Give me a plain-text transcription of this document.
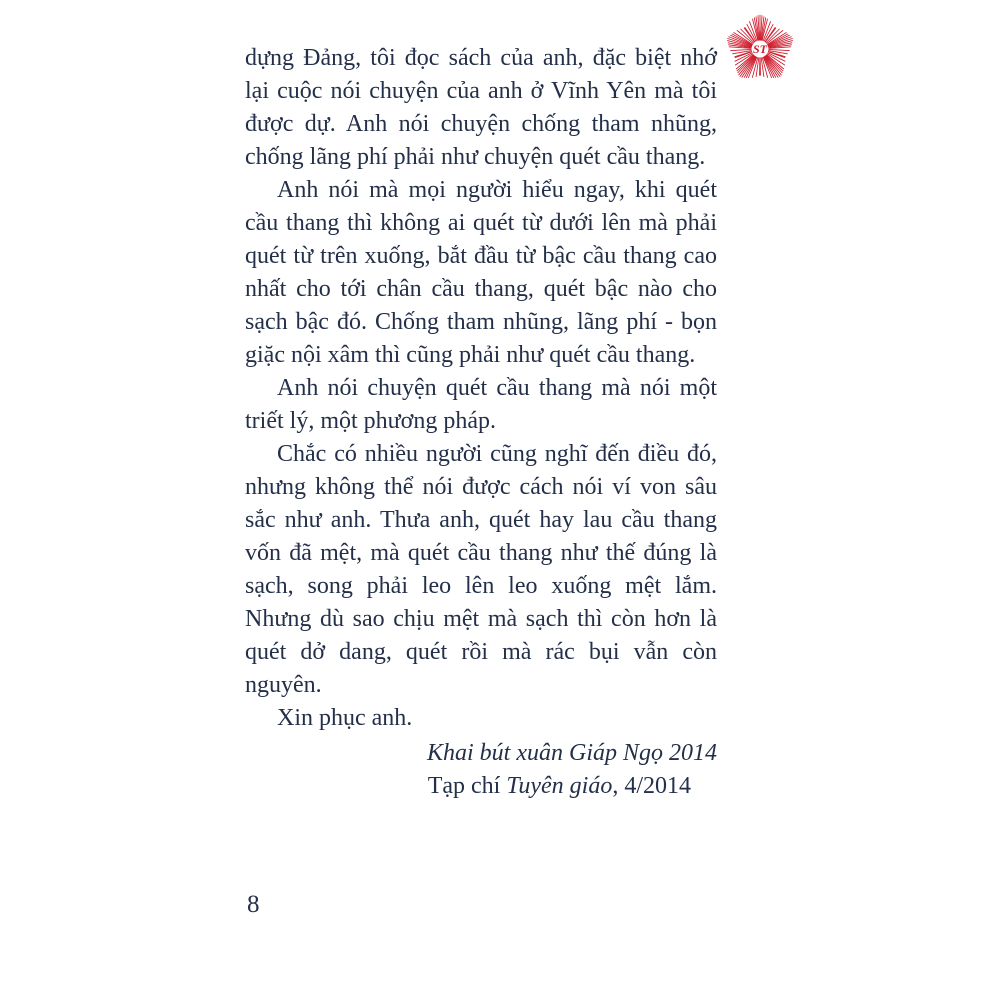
ST

dựng Đảng, tôi đọc sách của anh, đặc biệt nhớ lại cuộc nói chuyện của anh ở Vĩnh Yên mà tôi được dự. Anh nói chuyện chống tham nhũng, chống lãng phí phải như chuyện quét cầu thang.

Anh nói mà mọi người hiểu ngay, khi quét cầu thang thì không ai quét từ dưới lên mà phải quét từ trên xuống, bắt đầu từ bậc cầu thang cao nhất cho tới chân cầu thang, quét bậc nào cho sạch bậc đó. Chống tham nhũng, lãng phí - bọn giặc nội xâm thì cũng phải như quét cầu thang.

Anh nói chuyện quét cầu thang mà nói một triết lý, một phương pháp.

Chắc có nhiều người cũng nghĩ đến điều đó, nhưng không thể nói được cách nói ví von sâu sắc như anh. Thưa anh, quét hay lau cầu thang vốn đã mệt, mà quét cầu thang như thế đúng là sạch, song phải leo lên leo xuống mệt lắm. Nhưng dù sao chịu mệt mà sạch thì còn hơn là quét dở dang, quét rồi mà rác bụi vẫn còn nguyên.

Xin phục anh.

Khai bút xuân Giáp Ngọ 2014

Tạp chí Tuyên giáo, 4/2014

8
